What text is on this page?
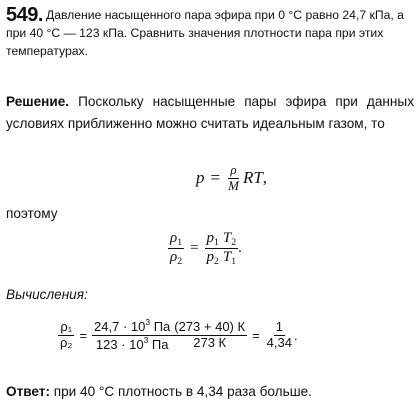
549. Давление насыщенного пара эфира при 0 °С равно 24,7 кПа, а при 40 °С — 123 кПа. Сравнить значения плотности пара при этих температурах.
Решение. Поскольку насыщенные пары эфира при данных условиях приближенно можно считать идеальным газом, то
$p = \frac{\rho}{M}$ RT ,
поэтому
$\frac{\rho_1}{\rho_2} = \frac{p_1}{p_2} \frac{T_2}{T_1}$ .
Вычисления:
$\frac{\text{ρ₁}}{\text{ρ₂}} = \frac{24,7 \cdot 10^3 Па}{123 \cdot 10^3 Па} \frac{(273 + 40) К}{273 К} = \frac{1}{4,34}$ .
Ответ: при 40 °С плотность в 4,34 раза больше.
